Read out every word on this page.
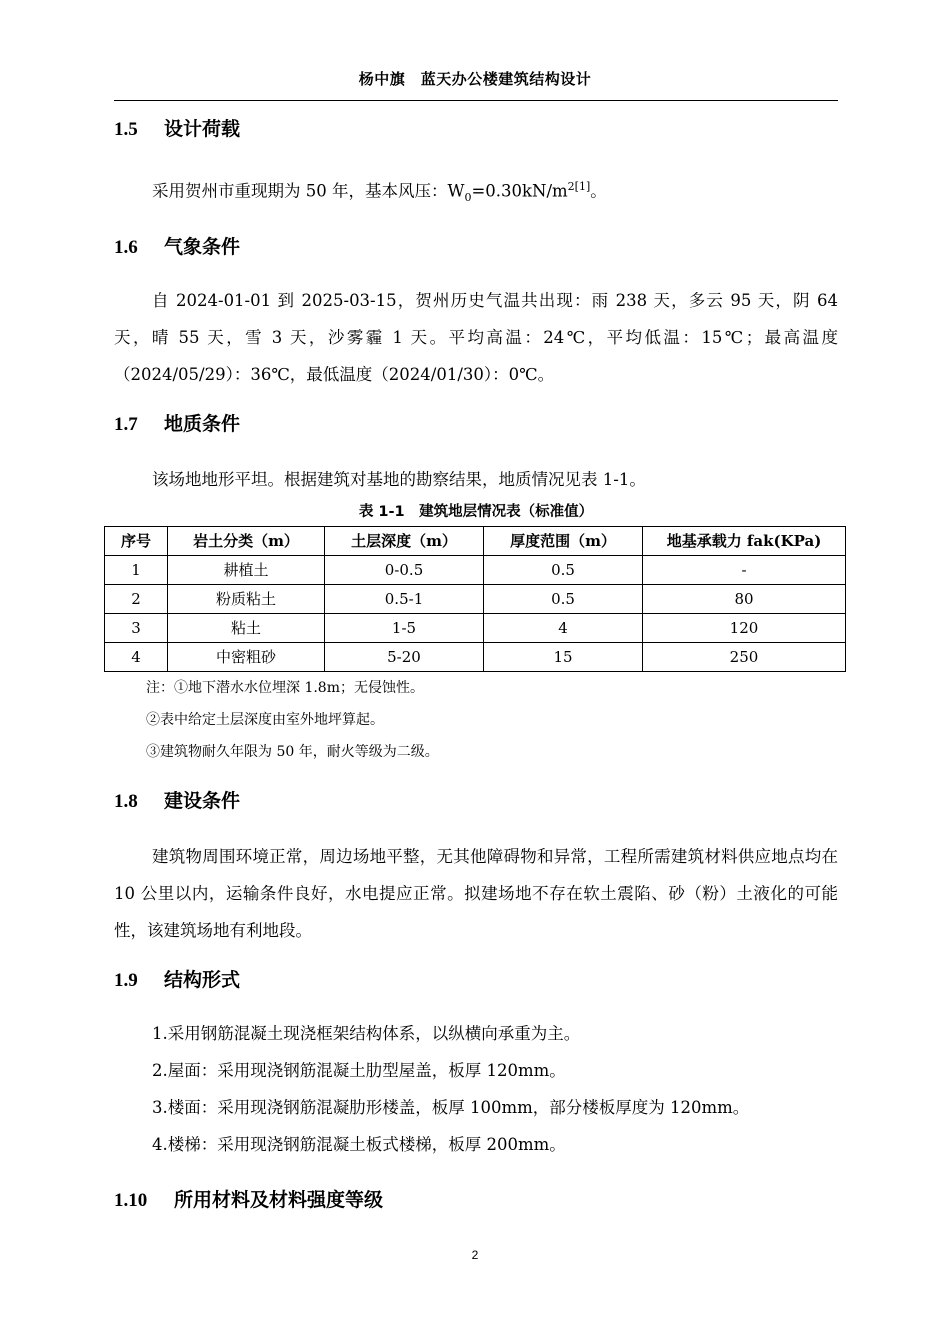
杨中旗　蓝天办公楼建筑结构设计
1.5 设计荷载

采用贺州市重现期为 50 年，基本风压：$W_0=0.30kN/m^{2[1]}$。

1.6 气象条件

自 2024-01-01 到 2025-03-15，贺州历史气温共出现：雨 238 天，多云 95 天，阴 64 天，晴 55 天，雪 3 天，沙雾霾 1 天。平均高温：24℃，平均低温：15℃；最高温度（2024/05/29）：36℃，最低温度（2024/01/30）：0℃。

1.7 地质条件

该场地地形平坦。根据建筑对基地的勘察结果，地质情况见表 1-1。

表 1-1　建筑地层情况表（标准值）
序号	岩土分类（m）	土层深度（m）	厚度范围（m）	地基承载力 fak(KPa)
1	耕植土	0-0.5	0.5	-
2	粉质粘土	0.5-1	0.5	80
3	粘土	1-5	4	120
4	中密粗砂	5-20	15	250

注：①地下潜水水位埋深 1.8m；无侵蚀性。

②表中给定土层深度由室外地坪算起。

③建筑物耐久年限为 50 年，耐火等级为二级。

1.8 建设条件

建筑物周围环境正常，周边场地平整，无其他障碍物和异常，工程所需建筑材料供应地点均在 10 公里以内，运输条件良好，水电提应正常。拟建场地不存在软土震陷、砂（粉）土液化的可能性，该建筑场地有利地段。

1.9 结构形式

1.采用钢筋混凝土现浇框架结构体系，以纵横向承重为主。

2.屋面：采用现浇钢筋混凝土肋型屋盖，板厚 120mm。

3.楼面：采用现浇钢筋混凝肋形楼盖，板厚 100mm，部分楼板厚度为 120mm。

4.楼梯：采用现浇钢筋混凝土板式楼梯，板厚 200mm。

1.10 所用材料及材料强度等级
2
